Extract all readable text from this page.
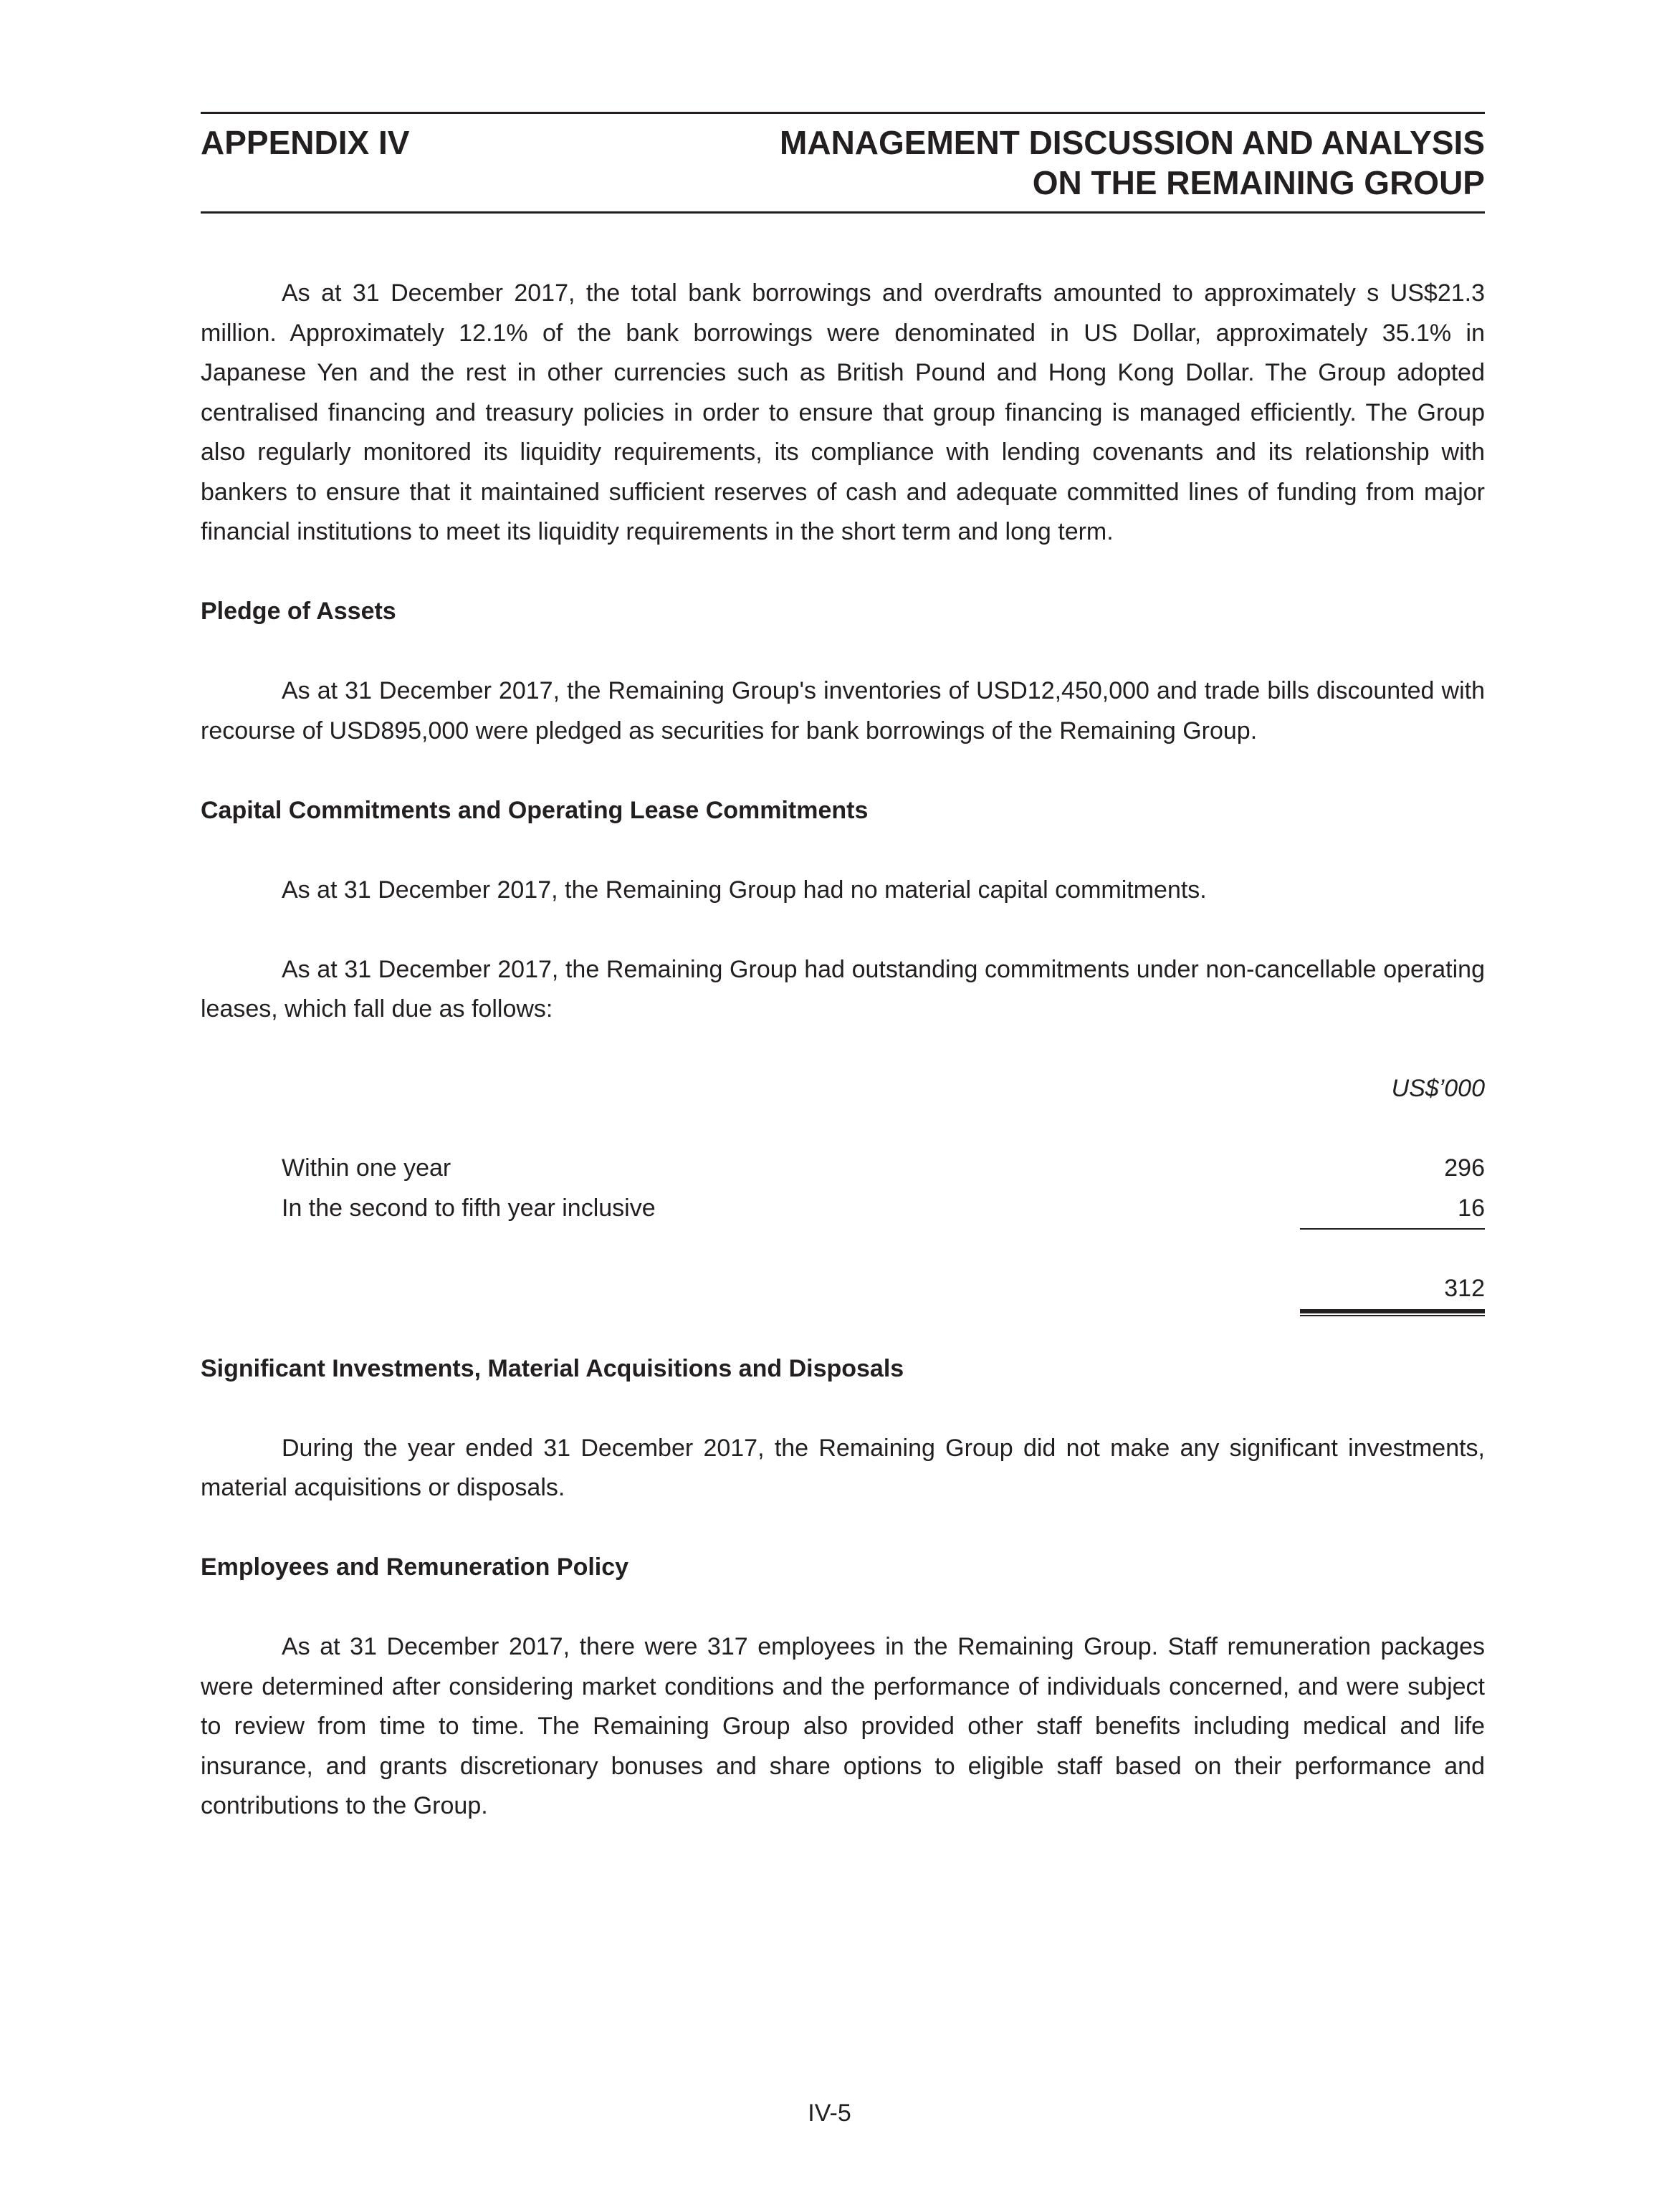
APPENDIX IV	MANAGEMENT DISCUSSION AND ANALYSIS
ON THE REMAINING GROUP

As at 31 December 2017, the total bank borrowings and overdrafts amounted to approximately s US$21.3 million. Approximately 12.1% of the bank borrowings were denominated in US Dollar, approximately 35.1% in Japanese Yen and the rest in other currencies such as British Pound and Hong Kong Dollar. The Group adopted centralised financing and treasury policies in order to ensure that group financing is managed efficiently. The Group also regularly monitored its liquidity requirements, its compliance with lending covenants and its relationship with bankers to ensure that it maintained sufficient reserves of cash and adequate committed lines of funding from major financial institutions to meet its liquidity requirements in the short term and long term.

Pledge of Assets

As at 31 December 2017, the Remaining Group's inventories of USD12,450,000 and trade bills discounted with recourse of USD895,000 were pledged as securities for bank borrowings of the Remaining Group.

Capital Commitments and Operating Lease Commitments

As at 31 December 2017, the Remaining Group had no material capital commitments.

As at 31 December 2017, the Remaining Group had outstanding commitments under non-cancellable operating leases, which fall due as follows:

US$’000
Within one year	296
In the second to fifth year inclusive	16
312

Significant Investments, Material Acquisitions and Disposals

During the year ended 31 December 2017, the Remaining Group did not make any significant investments, material acquisitions or disposals.

Employees and Remuneration Policy

As at 31 December 2017, there were 317 employees in the Remaining Group. Staff remuneration packages were determined after considering market conditions and the performance of individuals concerned, and were subject to review from time to time. The Remaining Group also provided other staff benefits including medical and life insurance, and grants discretionary bonuses and share options to eligible staff based on their performance and contributions to the Group.

IV-5
